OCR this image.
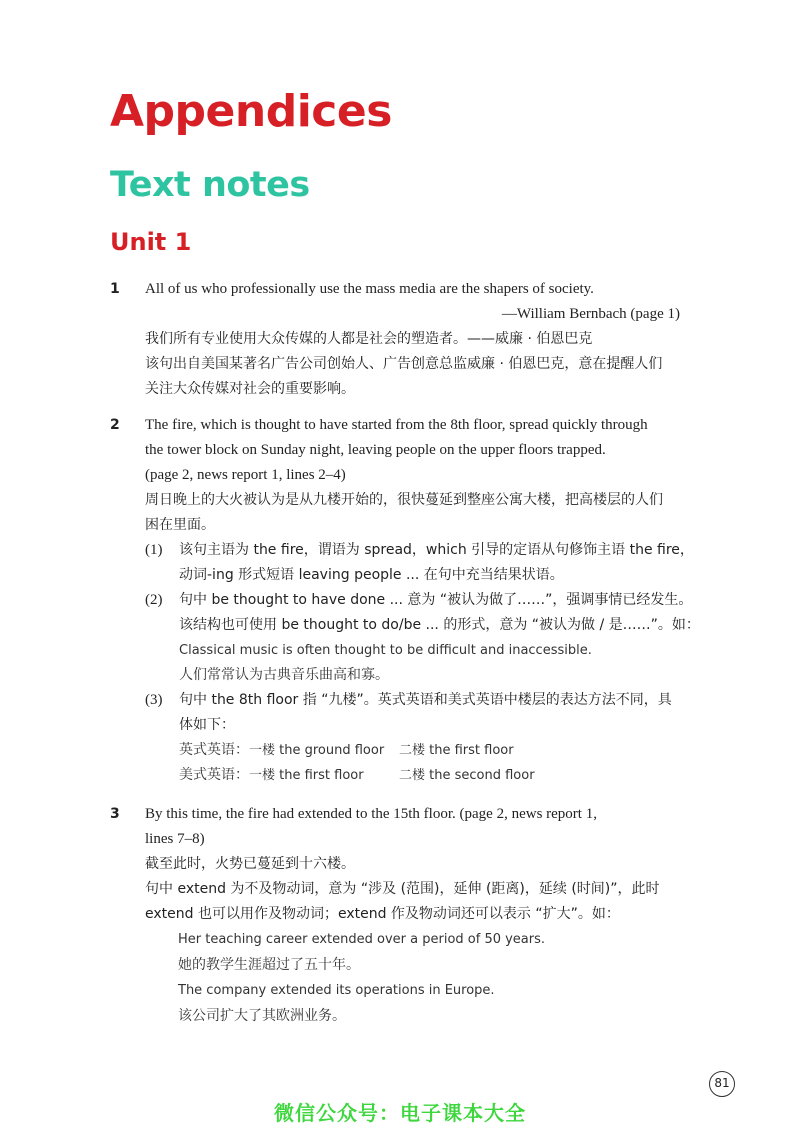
Appendices
Text notes
Unit 1
1	All of us who professionally use the mass media are the shapers of society.
—William Bernbach (page 1)
我们所有专业使用大众传媒的人都是社会的塑造者。——威廉 · 伯恩巴克
该句出自美国某著名广告公司创始人、广告创意总监威廉 · 伯恩巴克，意在提醒人们
关注大众传媒对社会的重要影响。
2	The fire, which is thought to have started from the 8th floor, spread quickly through
the tower block on Sunday night, leaving people on the upper floors trapped.
(page 2, news report 1, lines 2–4)
周日晚上的大火被认为是从九楼开始的，很快蔓延到整座公寓大楼，把高楼层的人们
困在里面。
(1) 该句主语为 the fire，谓语为 spread，which 引导的定语从句修饰主语 the fire，
动词-ing 形式短语 leaving people ... 在句中充当结果状语。
(2) 句中 be thought to have done ... 意为 “被认为做了……”，强调事情已经发生。
该结构也可使用 be thought to do/be ... 的形式，意为 “被认为做 / 是……”。如：
Classical music is often thought to be difficult and inaccessible.
人们常常认为古典音乐曲高和寡。
(3) 句中 the 8th floor 指 “九楼”。英式英语和美式英语中楼层的表达方法不同，具
体如下：
英式英语：一楼 the ground floor 二楼 the first floor
美式英语：一楼 the first floor	二楼 the second floor
3	By this time, the fire had extended to the 15th floor. (page 2, news report 1,
lines 7–8)
截至此时，火势已蔓延到十六楼。
句中 extend 为不及物动词，意为 “涉及 (范围)，延伸 (距离)，延续 (时间)”，此时
extend 也可以用作及物动词；extend 作及物动词还可以表示 “扩大”。如：
Her teaching career extended over a period of 50 years.
她的教学生涯超过了五十年。
The company extended its operations in Europe.
该公司扩大了其欧洲业务。
81
微信公众号：电子课本大全
